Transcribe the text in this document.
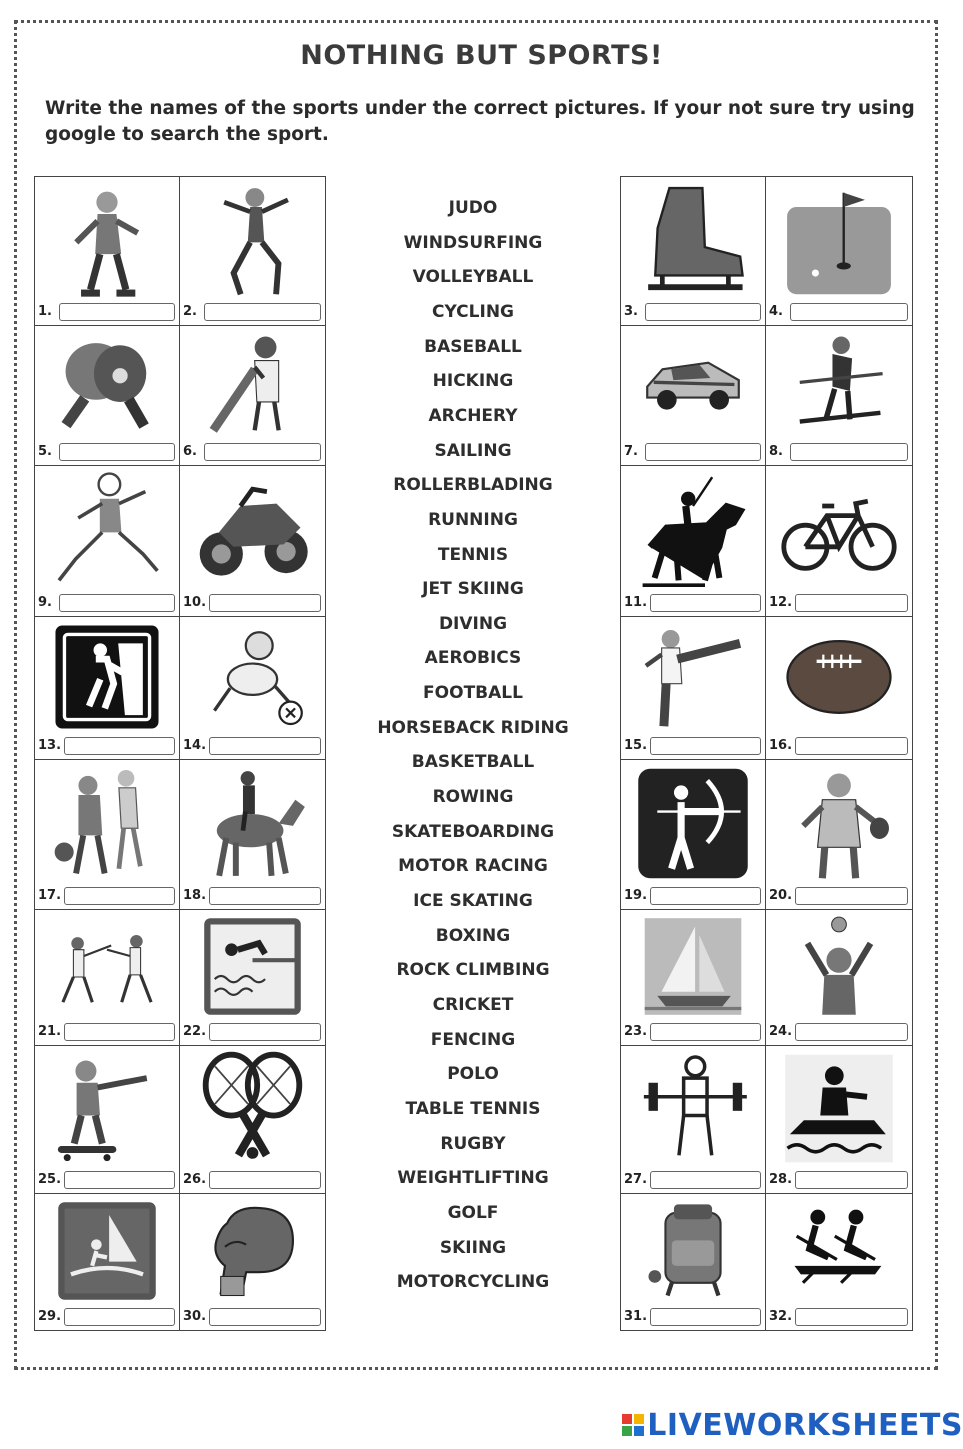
NOTHING BUT SPORTS!
Write the names of the sports under the correct pictures. If your not sure try using google to search the sport.
1.	2.	3.	4.
5.	6.	7.	8.
9.	10.	11.	12.
13.	14.	15.	16.
17.	18.	19.	20.
21.	22.	23.	24.
25.	26.	27.	28.
29.	30.	31.	32.
JUDO
WINDSURFING
VOLLEYBALL
CYCLING
BASEBALL
HICKING
ARCHERY
SAILING
ROLLERBLADING
RUNNING
TENNIS
JET SKIING
DIVING
AEROBICS
FOOTBALL
HORSEBACK RIDING
BASKETBALL
ROWING
SKATEBOARDING
MOTOR RACING
ICE SKATING
BOXING
ROCK CLIMBING
CRICKET
FENCING
POLO
TABLE TENNIS
RUGBY
WEIGHTLIFTING
GOLF
SKIING
MOTORCYCLING
LIVEWORKSHEETS
